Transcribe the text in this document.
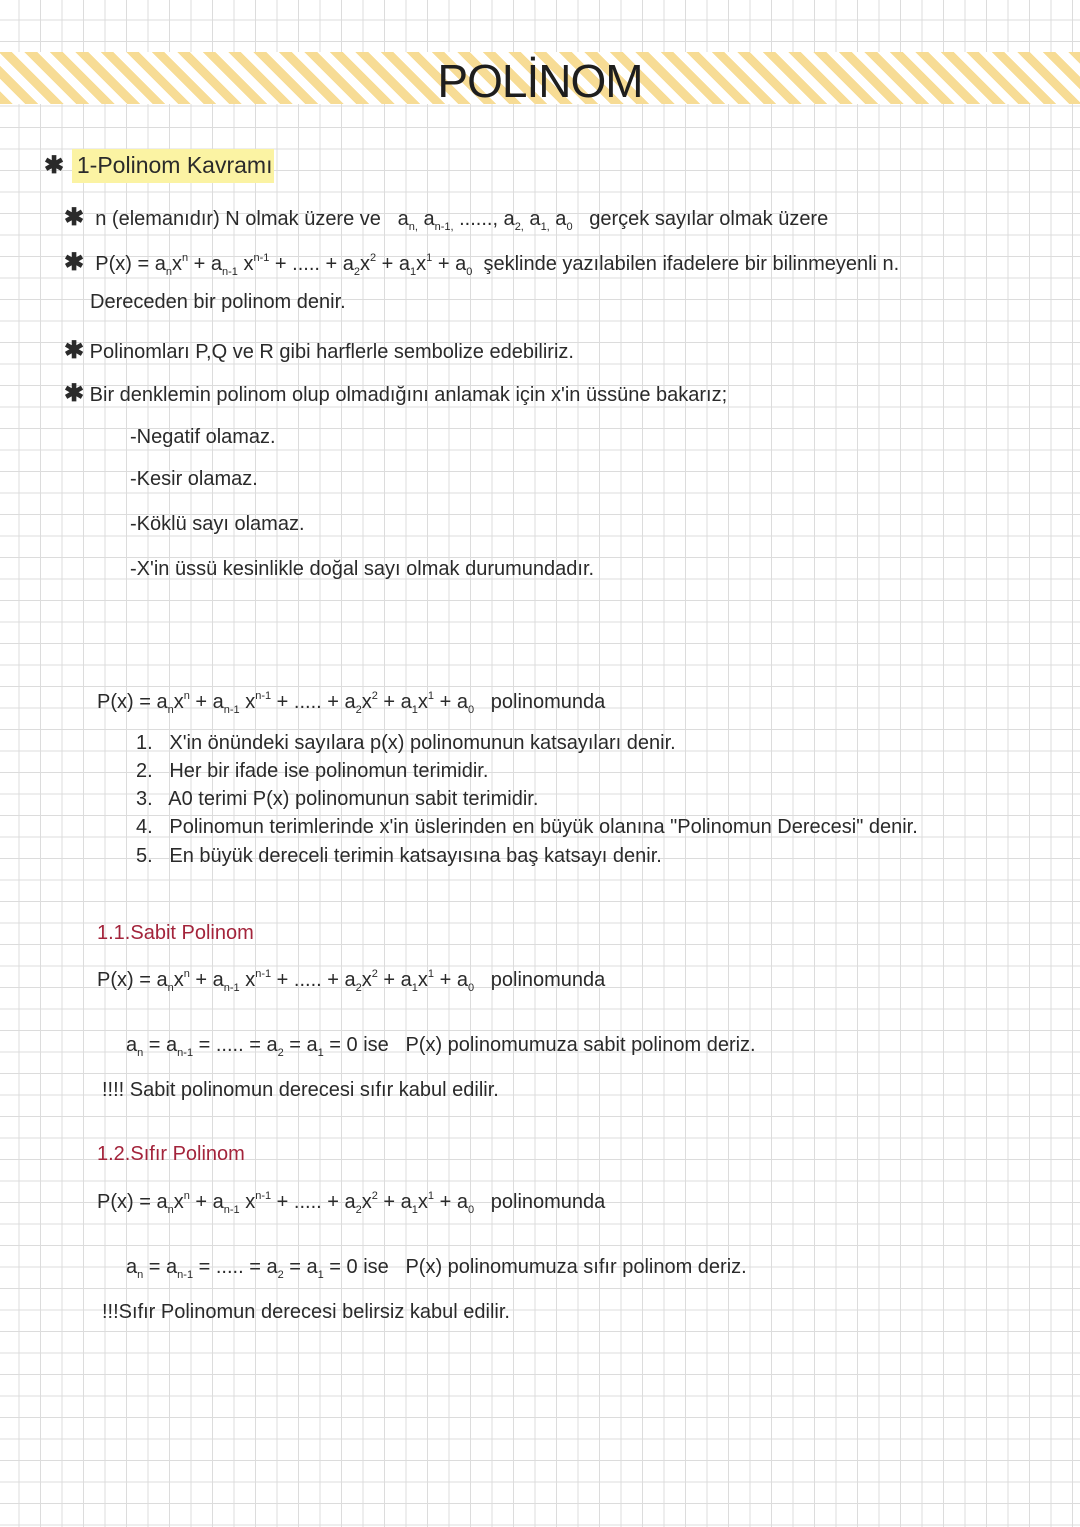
POLİNOM
✱ 1-Polinom Kavramı
✱ n (elemanıdır) N olmak üzere ve $a_{n,}$ $a_{n-1,}$ ......, $a_{2,}$ $a_{1,}$ $a_0$ gerçek sayılar olmak üzere
✱ $P(x) = a_nx^n + a_{n-1}$ $x^{n-1}$ + ..... + $a_2x^2 + a_1x^1 + a_0$ şeklinde yazılabilen ifadelere bir bilinmeyenli n.
Dereceden bir polinom denir.
✱ Polinomları P,Q ve R gibi harflerle sembolize edebiliriz.
✱ Bir denklemin polinom olup olmadığını anlamak için x'in üssüne bakarız;
-Negatif olamaz.
-Kesir olamaz.
-Köklü sayı olamaz.
-X'in üssü kesinlikle doğal sayı olmak durumundadır.
$P(x) = a_nx^n + a_{n-1}$ $x^{n-1}$ + ..... + $a_2x^2 + a_1x^1 + a_0$ polinomunda
1. X'in önündeki sayılara p(x) polinomunun katsayıları denir.
2. Her bir ifade ise polinomun terimidir.
3. A0 terimi P(x) polinomunun sabit terimidir.
4. Polinomun terimlerinde x'in üslerinden en büyük olanına "Polinomun Derecesi" denir.
5. En büyük dereceli terimin katsayısına baş katsayı denir.
1.1.Sabit Polinom
$P(x) = a_nx^n + a_{n-1}$ $x^{n-1}$ + ..... + $a_2x^2 + a_1x^1 + a_0$ polinomunda
$a_n = a_{n-1}$ = ..... = $a_2 = a_1 = 0$ ise P(x) polinomumuza sabit polinom deriz.
!!!! Sabit polinomun derecesi sıfır kabul edilir.
1.2.Sıfır Polinom
$P(x) = a_nx^n + a_{n-1}$ $x^{n-1}$ + ..... + $a_2x^2 + a_1x^1 + a_0$ polinomunda
$a_n = a_{n-1}$ = ..... = $a_2 = a_1 = 0$ ise P(x) polinomumuza sıfır polinom deriz.
!!!Sıfır Polinomun derecesi belirsiz kabul edilir.
